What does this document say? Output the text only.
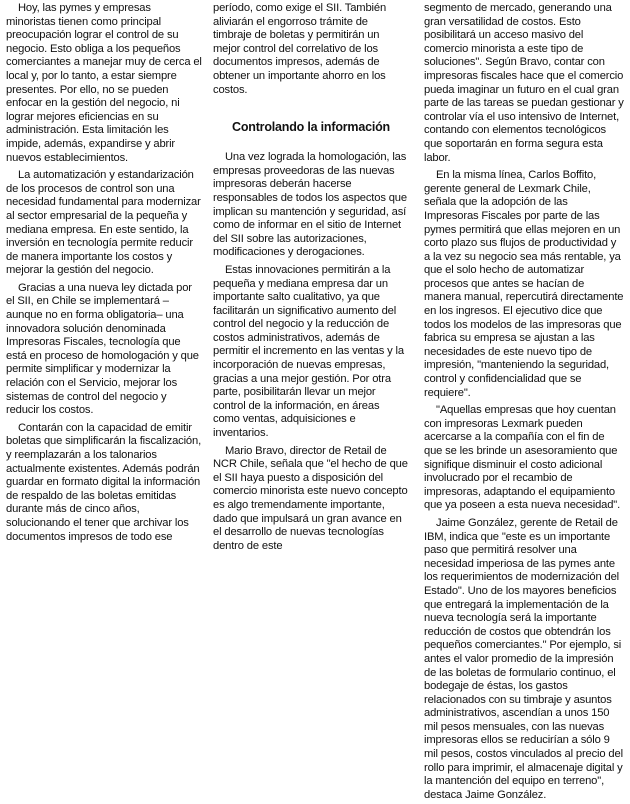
Hoy, las pymes y empresas minoristas tienen como principal preocupación lograr el control de su negocio. Esto obliga a los pequeños comerciantes a manejar muy de cerca el local y, por lo tanto, a estar siempre presentes. Por ello, no se pueden enfocar en la gestión del negocio, ni lograr mejores eficiencias en su administración. Esta limitación les impide, además, expandirse y abrir nuevos establecimientos.

La automatización y estandarización de los procesos de control son una necesidad fundamental para modernizar al sector empresarial de la pequeña y mediana empresa. En este sentido, la inversión en tecnología permite reducir de manera importante los costos y mejorar la gestión del negocio.

Gracias a una nueva ley dictada por el SII, en Chile se implementará –aunque no en forma obligatoria– una innovadora solución denominada Impresoras Fiscales, tecnología que está en proceso de homologación y que permite simplificar y modernizar la relación con el Servicio, mejorar los sistemas de control del negocio y reducir los costos.

Contarán con la capacidad de emitir boletas que simplificarán la fiscalización, y reemplazarán a los talonarios actualmente existentes. Además podrán guardar en formato digital la información de respaldo de las boletas emitidas durante más de cinco años, solucionando el tener que archivar los documentos impresos de todo ese

período, como exige el SII. También aliviarán el engorroso trámite de timbraje de boletas y permitirán un mejor control del correlativo de los documentos impresos, además de obtener un importante ahorro en los costos.

Controlando la información

Una vez lograda la homologación, las empresas proveedoras de las nuevas impresoras deberán hacerse responsables de todos los aspectos que implican su mantención y seguridad, así como de informar en el sitio de Internet del SII sobre las autorizaciones, modificaciones y derogaciones.

Estas innovaciones permitirán a la pequeña y mediana empresa dar un importante salto cualitativo, ya que facilitarán un significativo aumento del control del negocio y la reducción de costos administrativos, además de permitir el incremento en las ventas y la incorporación de nuevas empresas, gracias a una mejor gestión. Por otra parte, posibilitarán llevar un mejor control de la información, en áreas como ventas, adquisiciones e inventarios.

Mario Bravo, director de Retail de NCR Chile, señala que "el hecho de que el SII haya puesto a disposición del comercio minorista este nuevo concepto es algo tremendamente importante, dado que impulsará un gran avance en el desarrollo de nuevas tecnologías dentro de este

segmento de mercado, generando una gran versatilidad de costos. Esto posibilitará un acceso masivo del comercio minorista a este tipo de soluciones". Según Bravo, contar con impresoras fiscales hace que el comercio pueda imaginar un futuro en el cual gran parte de las tareas se puedan gestionar y controlar vía el uso intensivo de Internet, contando con elementos tecnológicos que soportarán en forma segura esta labor.

En la misma línea, Carlos Boffito, gerente general de Lexmark Chile, señala que la adopción de las Impresoras Fiscales por parte de las pymes permitirá que ellas mejoren en un corto plazo sus flujos de productividad y a la vez su negocio sea más rentable, ya que el solo hecho de automatizar procesos que antes se hacían de manera manual, repercutirá directamente en los ingresos. El ejecutivo dice que todos los modelos de las impresoras que fabrica su empresa se ajustan a las necesidades de este nuevo tipo de impresión, "manteniendo la seguridad, control y confidencialidad que se requiere".

"Aquellas empresas que hoy cuentan con impresoras Lexmark pueden acercarse a la compañía con el fin de que se les brinde un asesoramiento que signifique disminuir el costo adicional involucrado por el recambio de impresoras, adaptando el equipamiento que ya poseen a esta nueva necesidad".

Jaime González, gerente de Retail de IBM, indica que "este es un importante paso que permitirá resolver una necesidad imperiosa de las pymes ante los requerimientos de modernización del Estado". Uno de los mayores beneficios que entregará la implementación de la nueva tecnología será la importante reducción de costos que obtendrán los pequeños comerciantes." Por ejemplo, si antes el valor promedio de la impresión de las boletas de formulario continuo, el bodegaje de éstas, los gastos relacionados con su timbraje y asuntos administrativos, ascendían a unos 150 mil pesos mensuales, con las nuevas impresoras ellos se reducirían a sólo 9 mil pesos, costos vinculados al precio del rollo para imprimir, el almacenaje digital y la mantención del equipo en terreno", destaca Jaime González.
